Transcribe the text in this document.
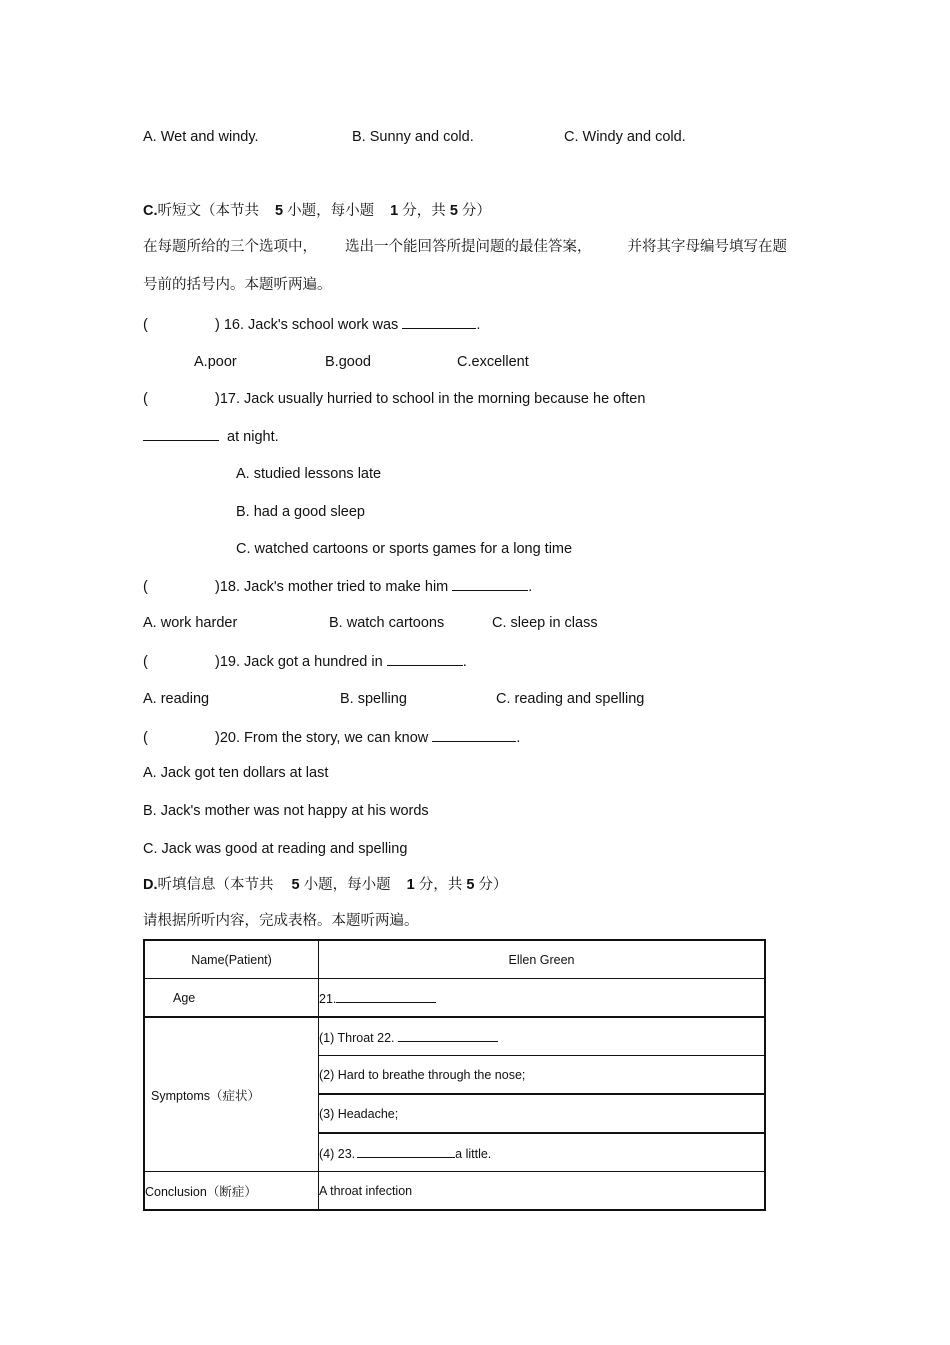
A. Wet and windy.	B. Sunny and cold.	C. Windy and cold.
C.听短文（本节共 5 小题，每小题 1 分，共 5 分）
在每题所给的三个选项中， 选出一个能回答所提问题的最佳答案， 并将其字母编号填写在题
号前的括号内。本题听两遍。
(	) 16. Jack's school work was	.
A.poor	B.good	C.excellent
(	)17. Jack usually hurried to school in the morning because he often
at night.
A. studied lessons late
B. had a good sleep
C. watched cartoons or sports games for a long time
(	)18. Jack's mother tried to make him	.
A. work harder	B. watch cartoons	C. sleep in class
(	)19. Jack got a hundred in	.
A. reading	B. spelling	C. reading and spelling
(	)20. From the story, we can know	.
A. Jack got ten dollars at last
B. Jack's mother was not happy at his words
C. Jack was good at reading and spelling
D.听填信息（本节共 5 小题，每小题 1 分，共 5 分）
请根据所听内容，完成表格。本题听两遍。
Name(Patient)	Ellen Green
Age	21.
Symptoms（症状）	(1) Throat 22.
	(2) Hard to breathe through the nose;
	(3) Headache;
	(4) 23. a little.
Conclusion（断症）	A throat infection
